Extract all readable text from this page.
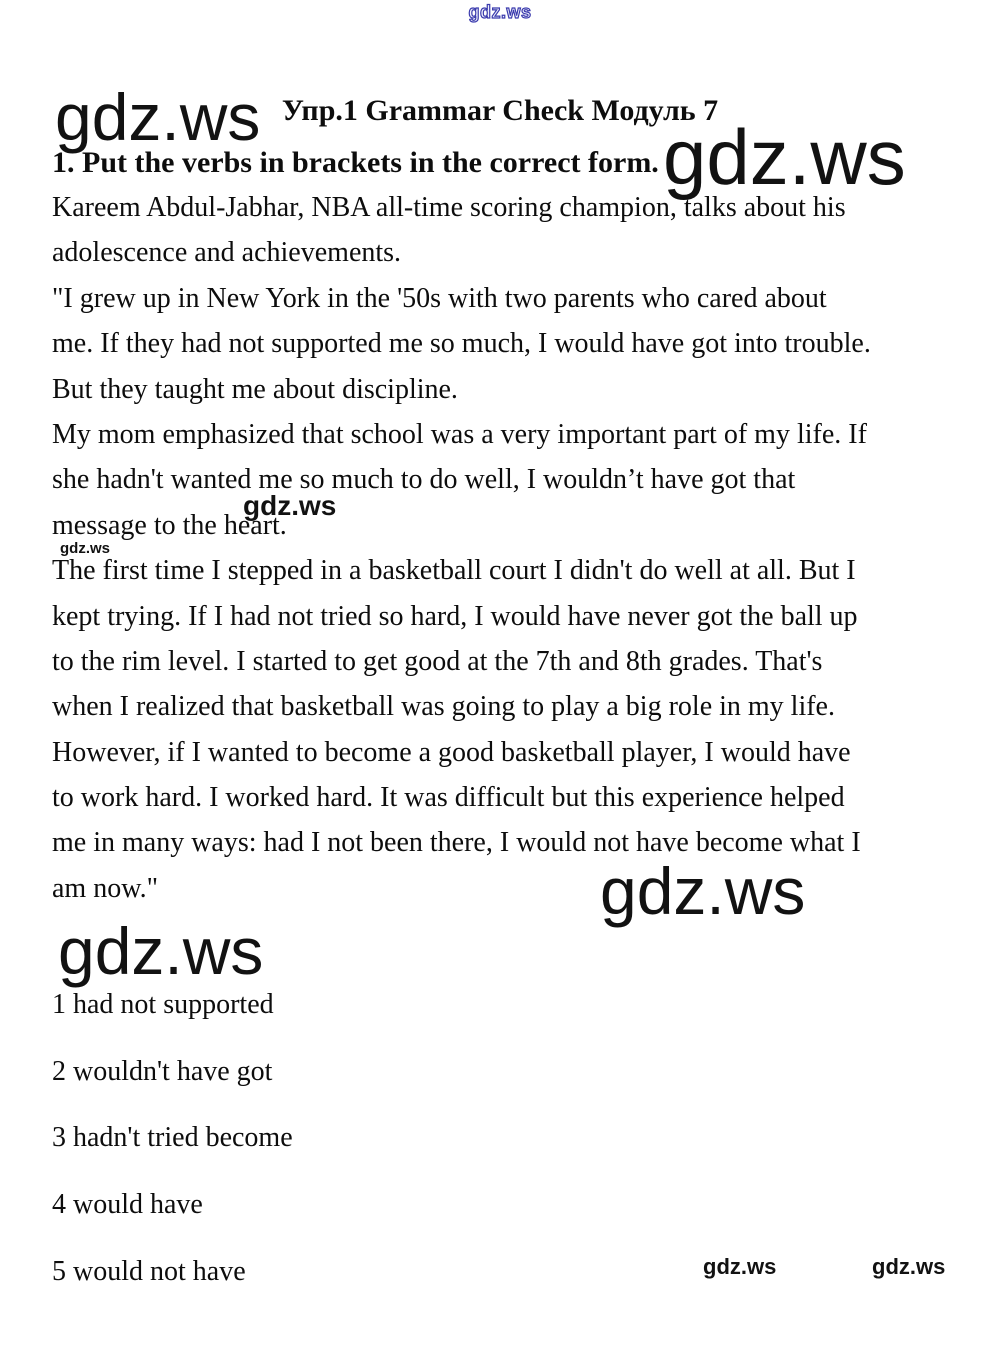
gdz.ws
Упр.1 Grammar Check Модуль 7
gdz.ws	gdz.ws
1. Put the verbs in brackets in the correct form.
Kareem Abdul-Jabhar, NBA all-time scoring champion, talks about his
adolescence and achievements.
"I grew up in New York in the '50s with two parents who cared about
me. If they had not supported me so much, I would have got into trouble.
But they taught me about discipline.
My mom emphasized that school was a very important part of my life. If
she hadn't wanted me so much to do well, I wouldn’t have got that
message to the heart.
The first time I stepped in a basketball court I didn't do well at all. But I
kept trying. If I had not tried so hard, I would have never got the ball up
to the rim level. I started to get good at the 7th and 8th grades. That's
when I realized that basketball was going to play a big role in my life.
However, if I wanted to become a good basketball player, I would have
to work hard. I worked hard. It was difficult but this experience helped
me in many ways: had I not been there, I would not have become what I
am now."
gdz.ws
gdz.ws
gdz.ws
gdz.ws
1 had not supported
2 wouldn't have got
3 hadn't tried become
4 would have
5 would not have	gdz.ws	gdz.ws
